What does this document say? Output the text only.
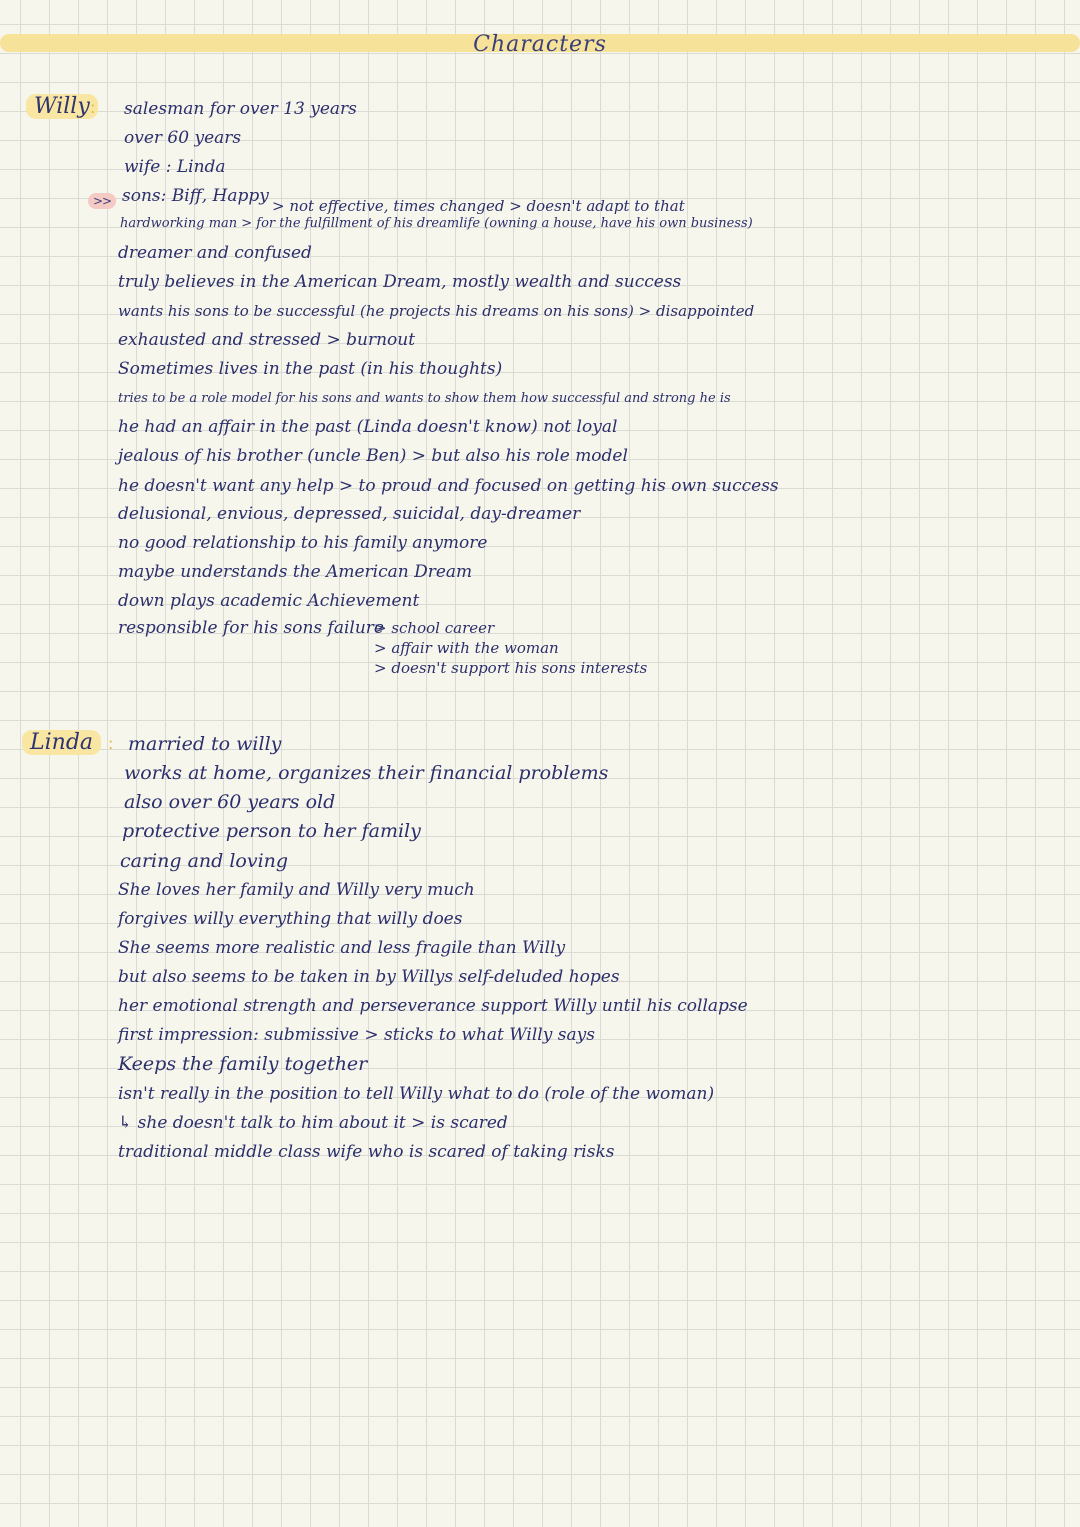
Characters
Willy :
>>
salesman for over 13 years
over 60 years
wife : Linda
sons: Biff, Happy > not effective, times changed > doesn't adapt to that
hardworking man > for the fulfillment of his dreamlife (owning a house, have his own business)
dreamer and confused
truly believes in the American Dream, mostly wealth and success
wants his sons to be successful (he projects his dreams on his sons) > disappointed
exhausted and stressed > burnout
Sometimes lives in the past (in his thoughts)
tries to be a role model for his sons and wants to show them how successful and strong he is
he had an affair in the past (Linda doesn't know) not loyal
jealous of his brother (uncle Ben) > but also his role model
he doesn't want any help > to proud and focused on getting his own success
delusional, envious, depressed, suicidal, day-dreamer
no good relationship to his family anymore
maybe understands the American Dream
down plays academic Achievement
responsible for his sons failure
> school career
> affair with the woman
> doesn't support his sons interests
Linda : married to willy
works at home, organizes their financial problems
also over 60 years old
protective person to her family
caring and loving
She loves her family and Willy very much
forgives willy everything that willy does
She seems more realistic and less fragile than Willy
but also seems to be taken in by Willys self-deluded hopes
her emotional strength and perseverance support Willy until his collapse
first impression: submissive > sticks to what Willy says
Keeps the family together
isn't really in the position to tell Willy what to do (role of the woman)
↳ she doesn't talk to him about it > is scared
traditional middle class wife who is scared of taking risks
